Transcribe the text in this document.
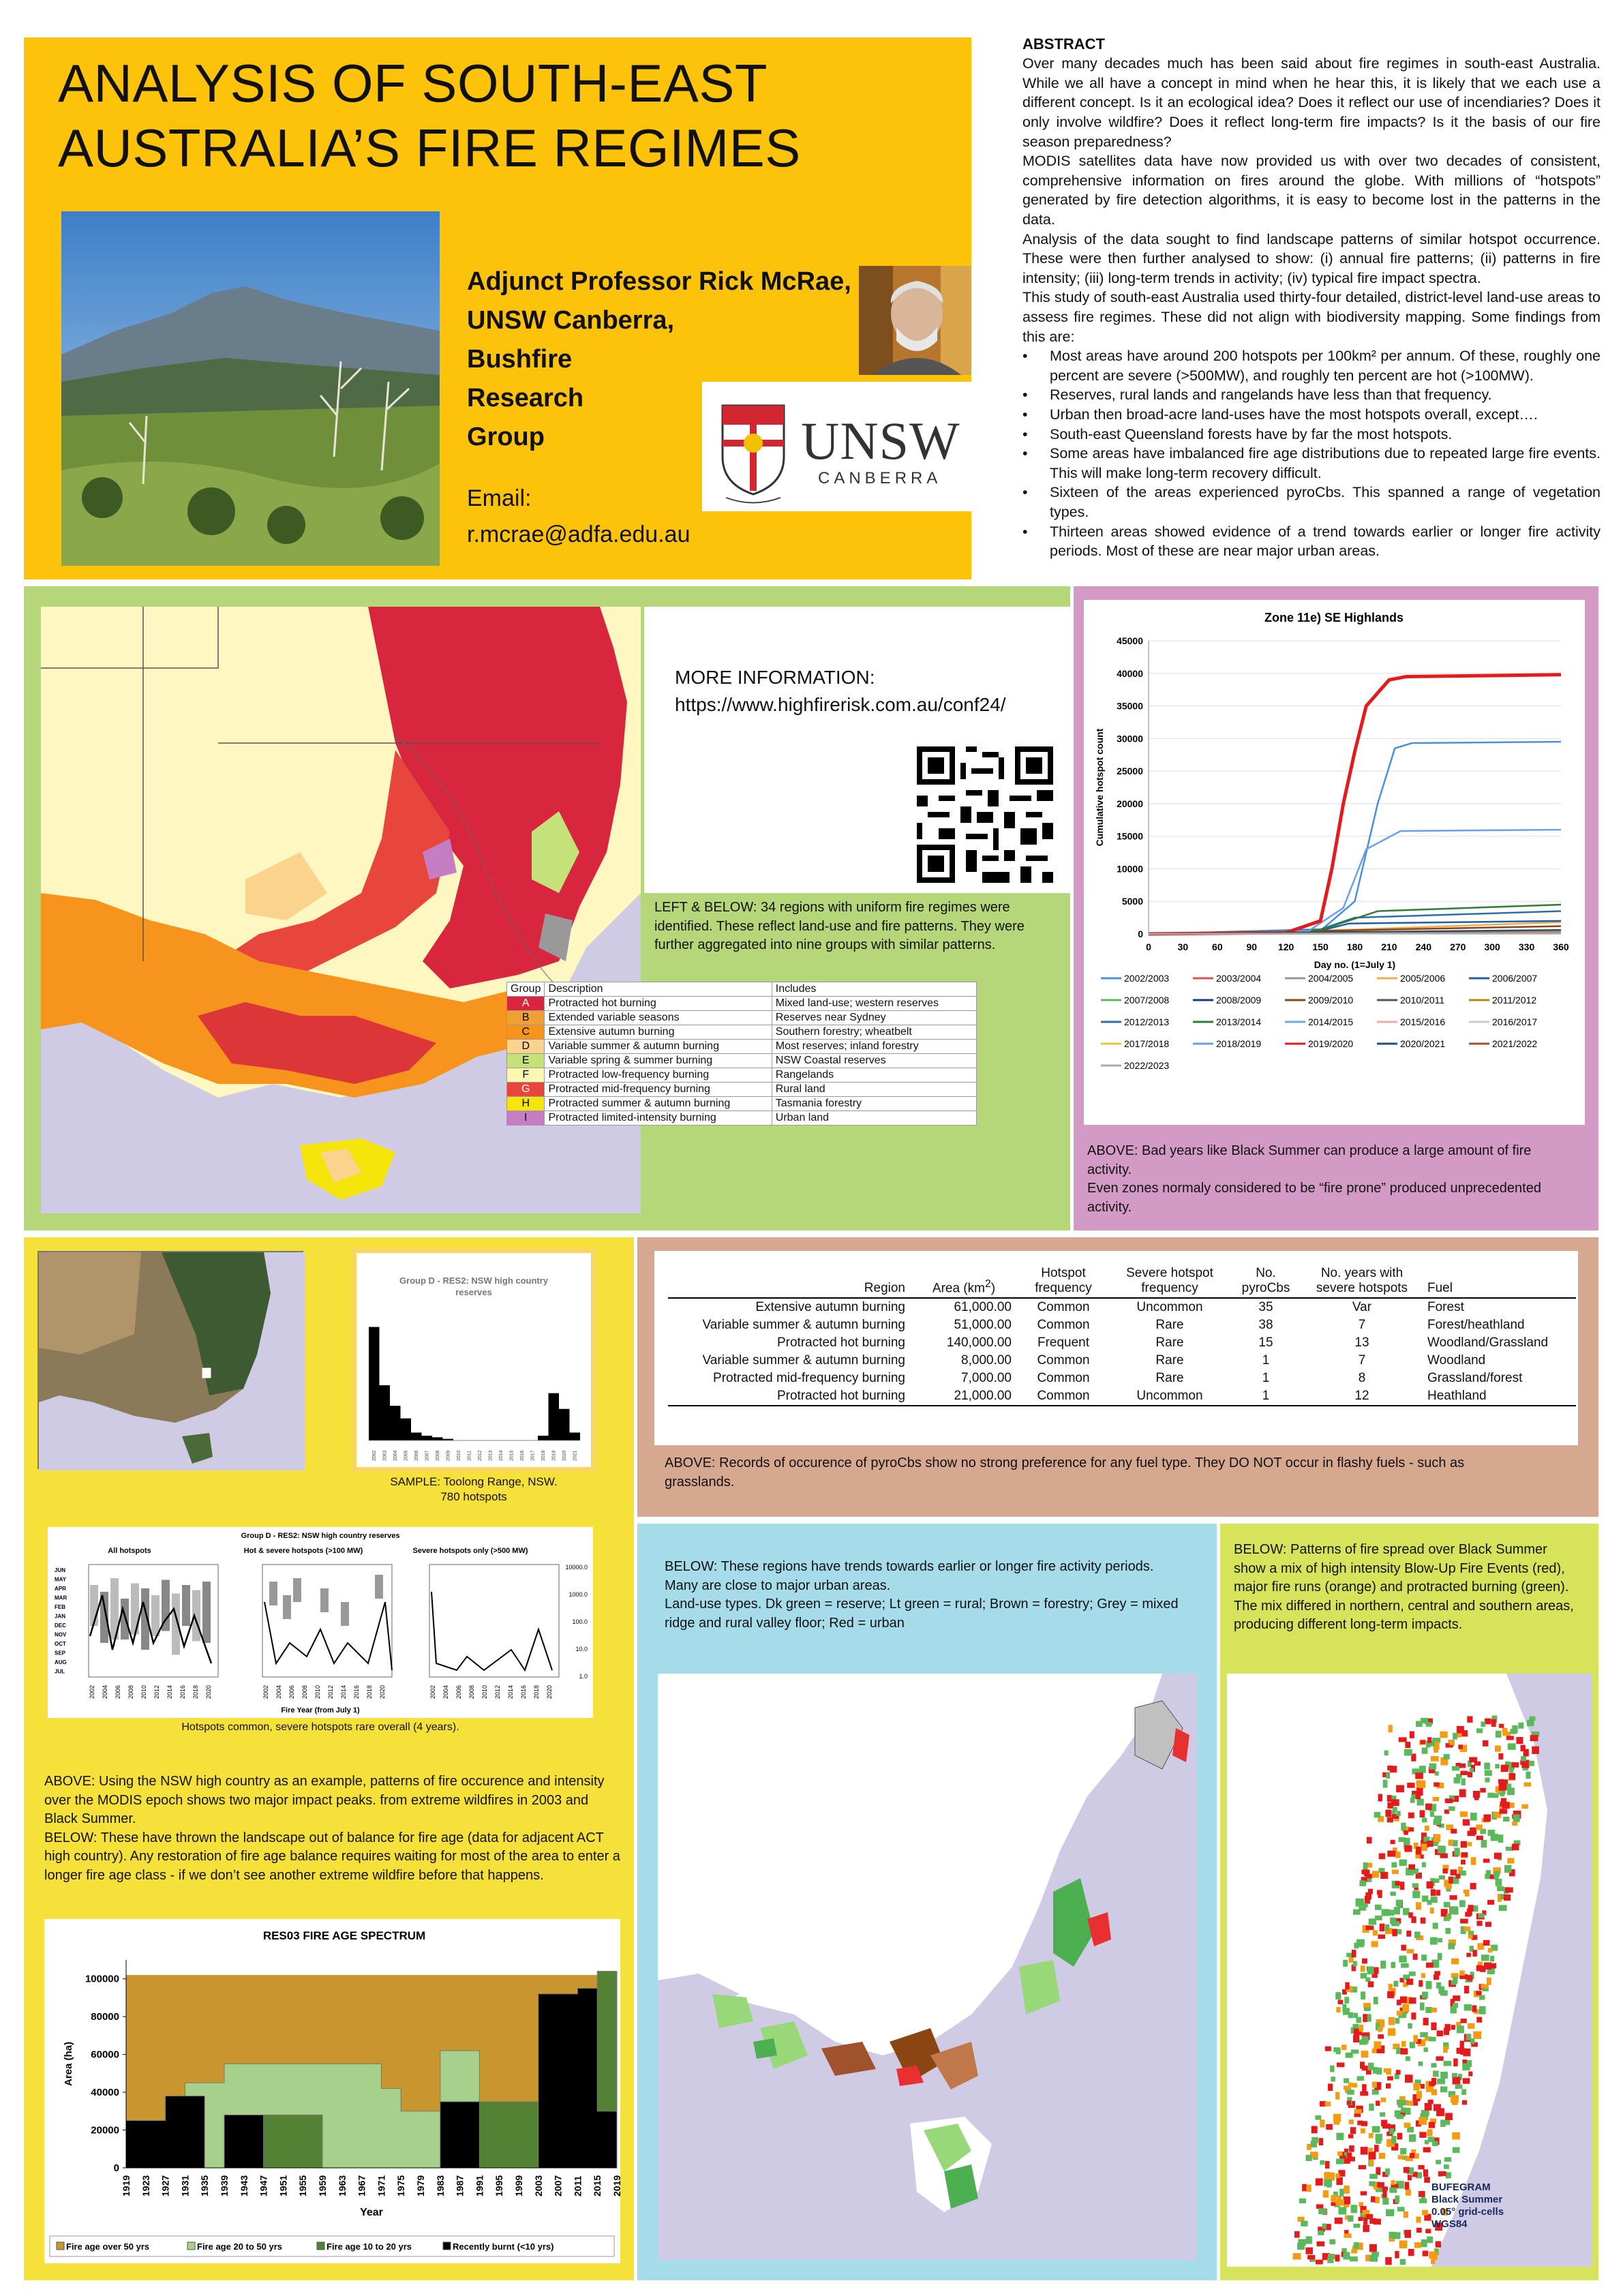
ANALYSIS OF SOUTH-EAST
AUSTRALIA’S FIRE REGIMES
Adjunct Professor Rick McRae,
UNSW Canberra,
Bushfire
Research
Group	UNSW
CANBERRA
Email:
r.mcrae@adfa.edu.au
ABSTRACT

Over many decades much has been said about fire regimes in south-east Australia. While we all have a concept in mind when he hear this, it is likely that we each use a different concept. Is it an ecological idea? Does it reflect our use of incendiaries? Does it only involve wildfire? Does it reflect long-term fire impacts? Is it the basis of our fire season preparedness?

MODIS satellites data have now provided us with over two decades of consistent, comprehensive information on fires around the globe. With millions of “hotspots” generated by fire detection algorithms, it is easy to become lost in the patterns in the data.

Analysis of the data sought to find landscape patterns of similar hotspot occurrence. These were then further analysed to show: (i) annual fire patterns; (ii) patterns in fire intensity; (iii) long-term trends in activity; (iv) typical fire impact spectra.

This study of south-east Australia used thirty-four detailed, district-level land-use areas to assess fire regimes. These did not align with biodiversity mapping. Some findings from this are:

• Most areas have around 200 hotspots per 100km² per annum. Of these, roughly one percent are severe (>500MW), and roughly ten percent are hot (>100MW).
• Reserves, rural lands and rangelands have less than that frequency.
• Urban then broad-acre land-uses have the most hotspots overall, except….
• South-east Queensland forests have by far the most hotspots.
• Some areas have imbalanced fire age distributions due to repeated large fire events. This will make long-term recovery difficult.
• Sixteen of the areas experienced pyroCbs. This spanned a range of vegetation types.
• Thirteen areas showed evidence of a trend towards earlier or longer fire activity periods. Most of these are near major urban areas.
MORE INFORMATION:
https://www.highfirerisk.com.au/conf24/
LEFT & BELOW: 34 regions with uniform fire regimes were identified. These reflect land-use and fire patterns. They were further aggregated into nine groups with similar patterns.
Group	Description	Includes
A	Protracted hot burning	Mixed land-use; western reserves
B	Extended variable seasons	Reserves near Sydney
C	Extensive autumn burning	Southern forestry; wheatbelt
D	Variable summer & autumn burning	Most reserves; inland forestry
E	Variable spring & summer burning	NSW Coastal reserves
F	Protracted low-frequency burning	Rangelands
G	Protracted mid-frequency burning	Rural land
H	Protracted summer & autumn burning	Tasmania forestry
I	Protracted limited-intensity burning	Urban land
Zone 11e) SE Highlands
0
5000
10000
15000
20000
25000
30000
35000
40000
45000
0	30 60 90 120 150 180 210 240 270 300 330 360
Day no. (1=July 1)
Cumulative hotspot count
2002/2003	2003/2004	2004/2005	2005/2006	2006/2007
2007/2008	2008/2009	2009/2010	2010/2011	2011/2012
2012/2013	2013/2014	2014/2015	2015/2016	2016/2017
2017/2018	2018/2019	2019/2020	2020/2021	2021/2022
2022/2023
ABOVE: Bad years like Black Summer can produce a large amount of fire activity.
Even zones normaly considered to be “fire prone” produced unprecedented activity.
Group D - RES2: NSW high country
reserves
2002 2003 2004 2005 2006 2007 2008 2009 2010 2011 2012 2013 2014 2015 2016 2017 2018 2019 2020 2021
SAMPLE: Toolong Range, NSW.
780 hotspots
Group D - RES2: NSW high country reserves
All hotspots
2002 2004 2006 2008 2010 2012 2014 2016 2018 2020
Hot & severe hotspots (>100 MW)
2002 2004 2006 2008 2010 2012 2014 2016 2018 2020
Severe hotspots only (>500 MW)
2002 2004 2006 2008 2010 2012 2014 2016 2018 2020
JUN
MAY
APR
MAR
FEB
JAN
DEC
NOV
OCT
SEP
AUG
JUL
10000.0
1000.0
100.0
10.0
1.0
Fire Year (from July 1)
Hotspots common, severe hotspots rare overall (4 years).
ABOVE: Using the NSW high country as an example, patterns of fire occurence and intensity over the MODIS epoch shows two major impact peaks. from extreme wildfires in 2003 and Black Summer.
BELOW: These have thrown the landscape out of balance for fire age (data for adjacent ACT high country). Any restoration of fire age balance requires waiting for most of the area to enter a longer fire age class - if we don’t see another extreme wildfire before that happens.
RES03 FIRE AGE SPECTRUM
0
20000
40000
60000
80000
100000
1919 1923 1927 1931 1935 1939 1943 1947 1951 1955 1959 1963 1967 1971 1975 1979 1983 1987 1991 1995 1999 2003 2007 2011 2015 2019
Year
Area (ha)
Fire age over 50 yrs	Fire age 20 to 50 yrs	Fire age 10 to 20 yrs	Recently burnt (<10 yrs)
Region	Area $(km^2)$	Hotspot frequency	Severe hotspot frequency	No. pyroCbs	No. years with severe hotspots	Fuel
Extensive autumn burning	61,000.00	Common	Uncommon	35	Var	Forest
Variable summer & autumn burning	51,000.00	Common	Rare	38	7	Forest/heathland
Protracted hot burning	140,000.00	Frequent	Rare	15	13	Woodland/Grassland
Variable summer & autumn burning	8,000.00	Common	Rare	1	7	Woodland
Protracted mid-frequency burning	7,000.00	Common	Rare	1	8	Grassland/forest
Protracted hot burning	21,000.00	Common	Uncommon	1	12	Heathland
ABOVE: Records of occurence of pyroCbs show no strong preference for any fuel type. They DO NOT occur in flashy fuels - such as grasslands.
BELOW: These regions have trends towards earlier or longer fire activity periods. Many are close to major urban areas.
Land-use types. Dk green = reserve; Lt green = rural; Brown = forestry; Grey = mixed ridge and rural valley floor; Red = urban
BELOW: Patterns of fire spread over Black Summer show a mix of high intensity Blow-Up Fire Events (red), major fire runs (orange) and protracted burning (green). The mix differed in northern, central and southern areas, producing different long-term impacts.
BUFEGRAM
Black Summer
0.05° grid-cells
WGS84
